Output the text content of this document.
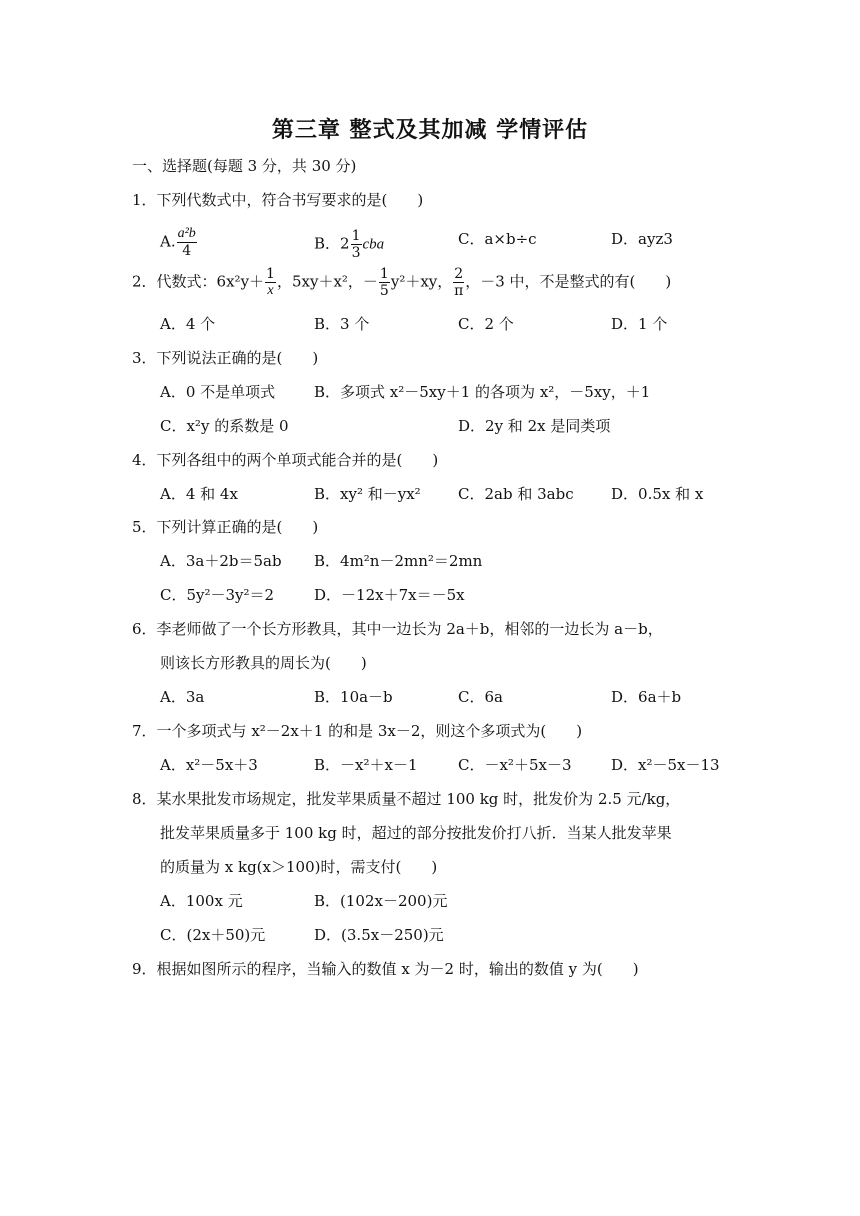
第三章 整式及其加减 学情评估
一、选择题(每题 3 分，共 30 分)
1．下列代数式中，符合书写要求的是(　　)
A. $\frac{\text{a²b}}{4}$	B．$2 \frac{1}{3}$ cba	C．a×b÷c	D．ayz3
2．代数式：$6x^2y+ \frac{1}{x}$ ，5xy＋x²，－ $\frac{1}{5} y^2+xy$， $\frac{2}{\pi}$ ，－3 中，不是整式的有(　　)
A．4 个	B．3 个	C．2 个	D．1 个
3．下列说法正确的是(　　)
A．0 不是单项式	B．多项式 x²－5xy＋1 的各项为 x²，－5xy，＋1
C．x²y 的系数是 0	D．2y 和 2x 是同类项
4．下列各组中的两个单项式能合并的是(　　)
A．4 和 4x	B．xy² 和－yx² C．2ab 和 3abc D．0.5x 和 x
5．下列计算正确的是(　　)
A．3a＋2b＝5ab B．4m²n－2mn²＝2mn
C．5y²－3y²＝2	D．－12x＋7x＝－5x
6．李老师做了一个长方形教具，其中一边长为 2a＋b，相邻的一边长为 a－b，
则该长方形教具的周长为(　　)
A．3a	B．10a－b	C．6a	D．6a＋b
7．一个多项式与 x²－2x＋1 的和是 3x－2，则这个多项式为(　　)
A．x²－5x＋3	B．－x²＋x－1	C．－x²＋5x－3	D．x²－5x－13
8．某水果批发市场规定，批发苹果质量不超过 100 kg 时，批发价为 2.5 元/kg，
批发苹果质量多于 100 kg 时，超过的部分按批发价打八折．当某人批发苹果
的质量为 x kg(x＞100)时，需支付(　　)
A．100x 元	B．(102x－200)元
C．(2x＋50)元	D．(3.5x－250)元
9．根据如图所示的程序，当输入的数值 x 为－2 时，输出的数值 y 为(　　)
